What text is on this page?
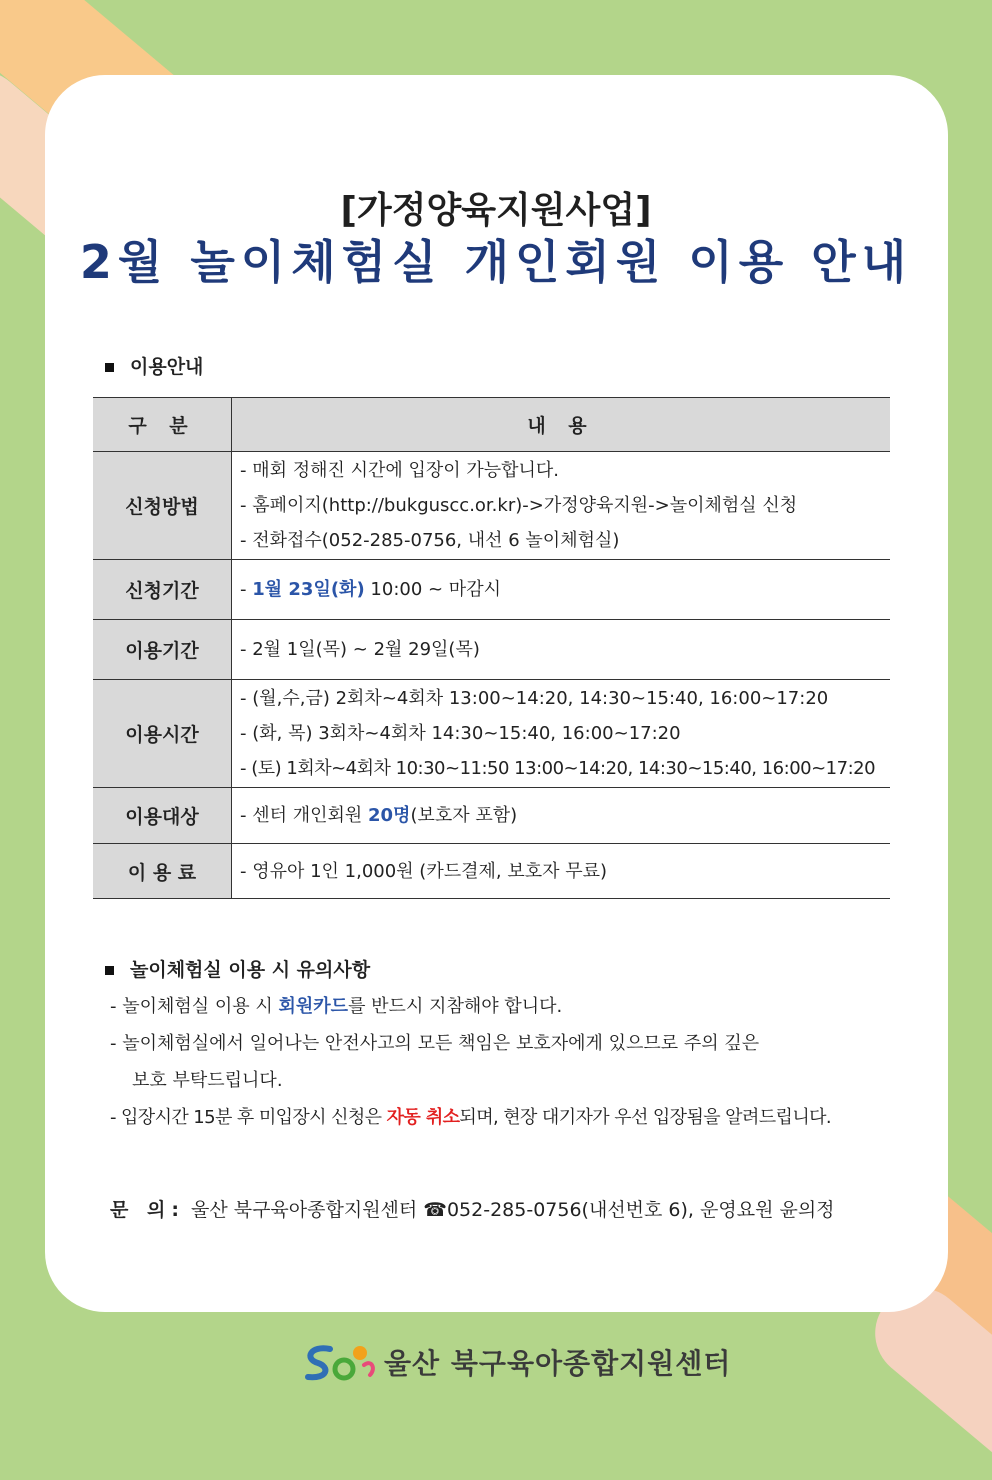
[가정양육지원사업]
2월 놀이체험실 개인회원 이용 안내
이용안내
구 분	내 용
신청방법	- 매회 정해진 시간에 입장이 가능합니다.
- 홈페이지(http://bukguscc.or.kr)->가정양육지원->놀이체험실 신청
- 전화접수(052-285-0756, 내선 6 놀이체험실)

신청기간	- 1월 23일(화) 10:00 ~ 마감시
이용기간	- 2월 1일(목) ~ 2월 29일(목)
이용시간	- (월,수,금) 2회차~4회차 13:00~14:20, 14:30~15:40, 16:00~17:20
- (화, 목) 3회차~4회차 14:30~15:40, 16:00~17:20
- (토) 1회차~4회차 10:30~11:50 13:00~14:20, 14:30~15:40, 16:00~17:20

이용대상	- 센터 개인회원 20명(보호자 포함)
이 용 료	- 영유아 1인 1,000원 (카드결제, 보호자 무료)
놀이체험실 이용 시 유의사항
- 놀이체험실 이용 시 회원카드를 반드시 지참해야 합니다.
- 놀이체험실에서 일어나는 안전사고의 모든 책임은 보호자에게 있으므로 주의 깊은
보호 부탁드립니다.
- 입장시간 15분 후 미입장시 신청은 자동 취소되며, 현장 대기자가 우선 입장됨을 알려드립니다.
문 의: 울산 북구육아종합지원센터 ☎052-285-0756(내선번호 6), 운영요원 윤의정
울산 북구육아종합지원센터
